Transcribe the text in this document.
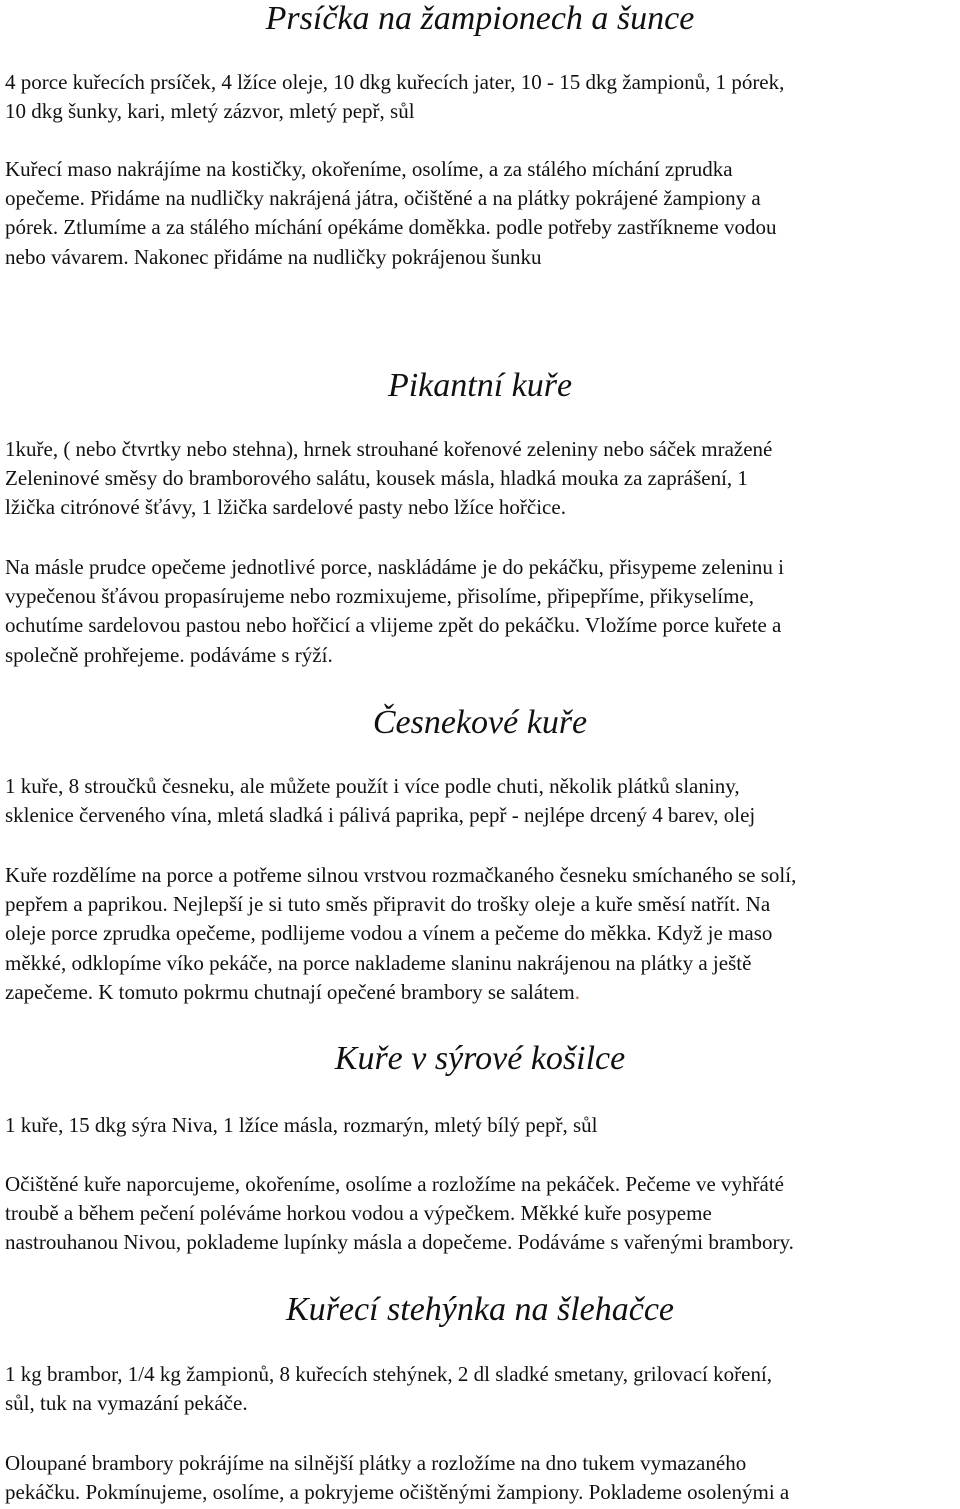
Prsíčka na žampionech a šunce

4 porce kuřecích prsíček, 4 lžíce oleje, 10 dkg kuřecích jater, 10 - 15 dkg žampionů, 1 pórek,
10 dkg šunky, kari, mletý zázvor, mletý pepř, sůl

Kuřecí maso nakrájíme na kostičky, okořeníme, osolíme, a za stálého míchání zprudka
opečeme. Přidáme na nudličky nakrájená játra, očištěné a na plátky pokrájené žampiony a
pórek. Ztlumíme a za stálého míchání opékáme doměkka. podle potřeby zastříkneme vodou
nebo vávarem. Nakonec přidáme na nudličky pokrájenou šunku

Pikantní kuře

1kuře, ( nebo čtvrtky nebo stehna), hrnek strouhané kořenové zeleniny nebo sáček mražené
Zeleninové směsy do bramborového salátu, kousek másla, hladká mouka za zaprášení, 1
lžička citrónové šťávy, 1 lžička sardelové pasty nebo lžíce hořčice.

Na másle prudce opečeme jednotlivé porce, naskládáme je do pekáčku, přisypeme zeleninu i
vypečenou šťávou propasírujeme nebo rozmixujeme, přisolíme, připepříme, přikyselíme,
ochutíme sardelovou pastou nebo hořčicí a vlijeme zpět do pekáčku. Vložíme porce kuřete a
společně prohřejeme. podáváme s rýží.

Česnekové kuře

1 kuře, 8 stroučků česneku, ale můžete použít i více podle chuti, několik plátků slaniny,
sklenice červeného vína, mletá sladká i pálivá paprika, pepř - nejlépe drcený 4 barev, olej

Kuře rozdělíme na porce a potřeme silnou vrstvou rozmačkaného česneku smíchaného se solí,
pepřem a paprikou. Nejlepší je si tuto směs připravit do trošky oleje a kuře směsí natřít. Na
oleje porce zprudka opečeme, podlijeme vodou a vínem a pečeme do měkka. Když je maso
měkké, odklopíme víko pekáče, na porce naklademe slaninu nakrájenou na plátky a ještě
zapečeme. K tomuto pokrmu chutnají opečené brambory se salátem.

Kuře v sýrové košilce

1 kuře, 15 dkg sýra Niva, 1 lžíce másla, rozmarýn, mletý bílý pepř, sůl

Očištěné kuře naporcujeme, okořeníme, osolíme a rozložíme na pekáček. Pečeme ve vyhřáté
troubě a během pečení poléváme horkou vodou a výpečkem. Měkké kuře posypeme
nastrouhanou Nivou, poklademe lupínky másla a dopečeme. Podáváme s vařenými brambory.

Kuřecí stehýnka na šlehačce

1 kg brambor, 1/4 kg žampionů, 8 kuřecích stehýnek, 2 dl sladké smetany, grilovací koření,
sůl, tuk na vymazání pekáče.

Oloupané brambory pokrájíme na silnější plátky a rozložíme na dno tukem vymazaného
pekáčku. Pokmínujeme, osolíme, a pokryjeme očištěnými žampiony. Poklademe osolenými a
